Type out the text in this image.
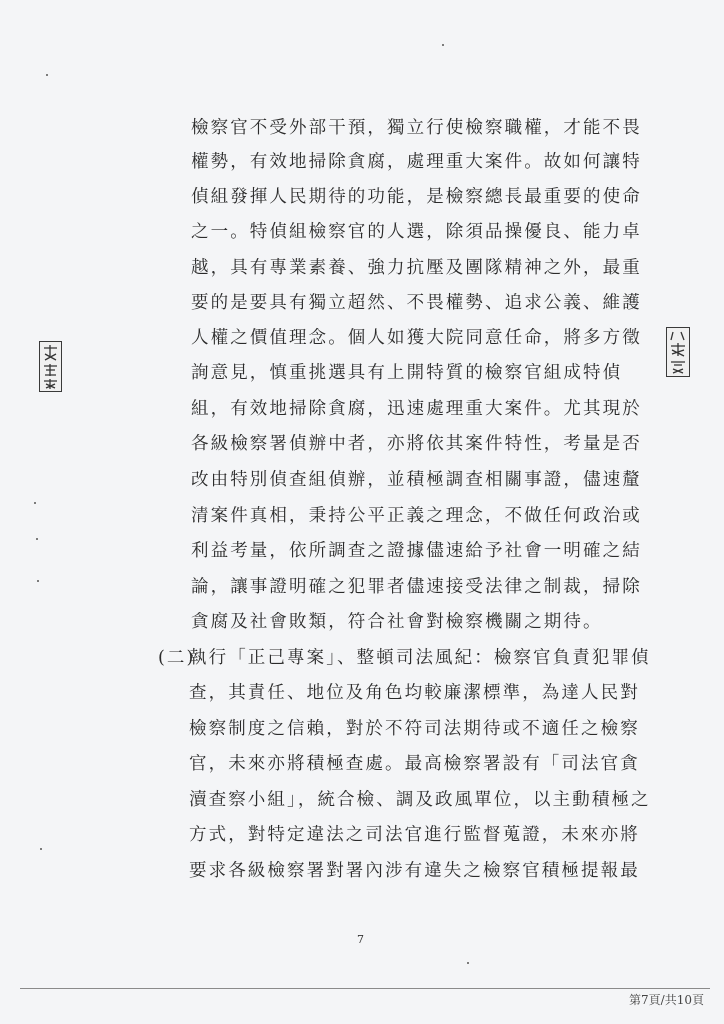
檢察官不受外部干預，獨立行使檢察職權，才能不畏
權勢，有效地掃除貪腐，處理重大案件。故如何讓特
偵組發揮人民期待的功能，是檢察總長最重要的使命
之一。特偵組檢察官的人選，除須品操優良、能力卓
越，具有專業素養、強力抗壓及團隊精神之外，最重
要的是要具有獨立超然、不畏權勢、追求公義、維護
人權之價值理念。個人如獲大院同意任命，將多方徵
詢意見，慎重挑選具有上開特質的檢察官組成特偵
組，有效地掃除貪腐，迅速處理重大案件。尤其現於
各級檢察署偵辦中者，亦將依其案件特性，考量是否
改由特別偵查組偵辦，並積極調查相關事證，儘速釐
清案件真相，秉持公平正義之理念，不做任何政治或
利益考量，依所調查之證據儘速給予社會一明確之結
論，讓事證明確之犯罪者儘速接受法律之制裁，掃除
貪腐及社會敗類，符合社會對檢察機關之期待。
(二)
執行「正己專案」、整頓司法風紀：檢察官負責犯罪偵
查，其責任、地位及角色均較廉潔標準，為達人民對
檢察制度之信賴，對於不符司法期待或不適任之檢察
官，未來亦將積極查處。最高檢察署設有「司法官貪
瀆查察小組」，統合檢、調及政風單位，以主動積極之
方式，對特定違法之司法官進行監督蒐證，未來亦將
要求各級檢察署對署內涉有違失之檢察官積極提報最
7
第7頁/共10頁
